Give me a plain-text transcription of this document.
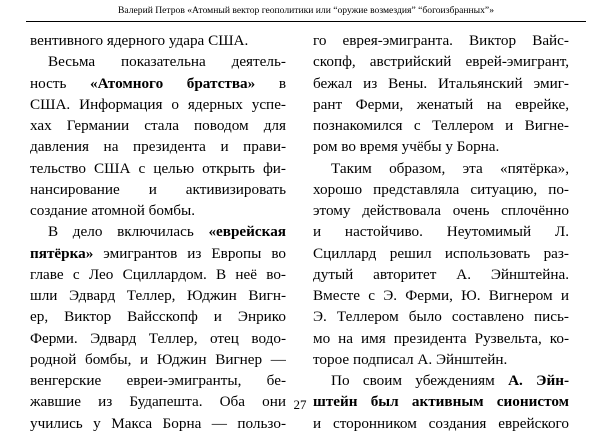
Валерий Петров «Атомный вектор геополитики или “оружие возмездия” “богоизбранных”»
вентивного ядерного удара США.
Весьма показательна деятель-
ность «Атомного братства» в
США. Информация о ядерных успе-
хах Германии стала поводом для
давления на президента и прави-
тельство США с целью открыть фи-
нансирование и активизировать
создание атомной бомбы.
В дело включилась «еврейская
пятёрка» эмигрантов из Европы во
главе с Лео Сциллардом. В неё во-
шли Эдвард Теллер, Юджин Вигн-
ер, Виктор Вайсскопф и Энрико
Ферми. Эдвард Теллер, отец водо-
родной бомбы, и Юджин Вигнер —
венгерские евреи-эмигранты, бе-
жавшие из Будапешта. Оба они
учились у Макса Борна — пользо-
го еврея-эмигранта. Виктор Вайс-
скопф, австрийский еврей-эмигрант,
бежал из Вены. Итальянский эмиг-
рант Ферми, женатый на еврейке,
познакомился с Теллером и Вигне-
ром во время учёбы у Борна.
Таким образом, эта «пятёрка»,
хорошо представляла ситуацию, по-
этому действовала очень сплочённо
и настойчиво. Неутомимый Л.
Сциллард решил использовать раз-
дутый авторитет А. Эйнштейна.
Вместе с Э. Ферми, Ю. Вигнером и
Э. Теллером было составлено пись-
мо на имя президента Рузвельта, ко-
торое подписал А. Эйнштейн.
По своим убеждениям А. Эйн-
штейн был активным сионистом
и сторонником создания еврейского
27
